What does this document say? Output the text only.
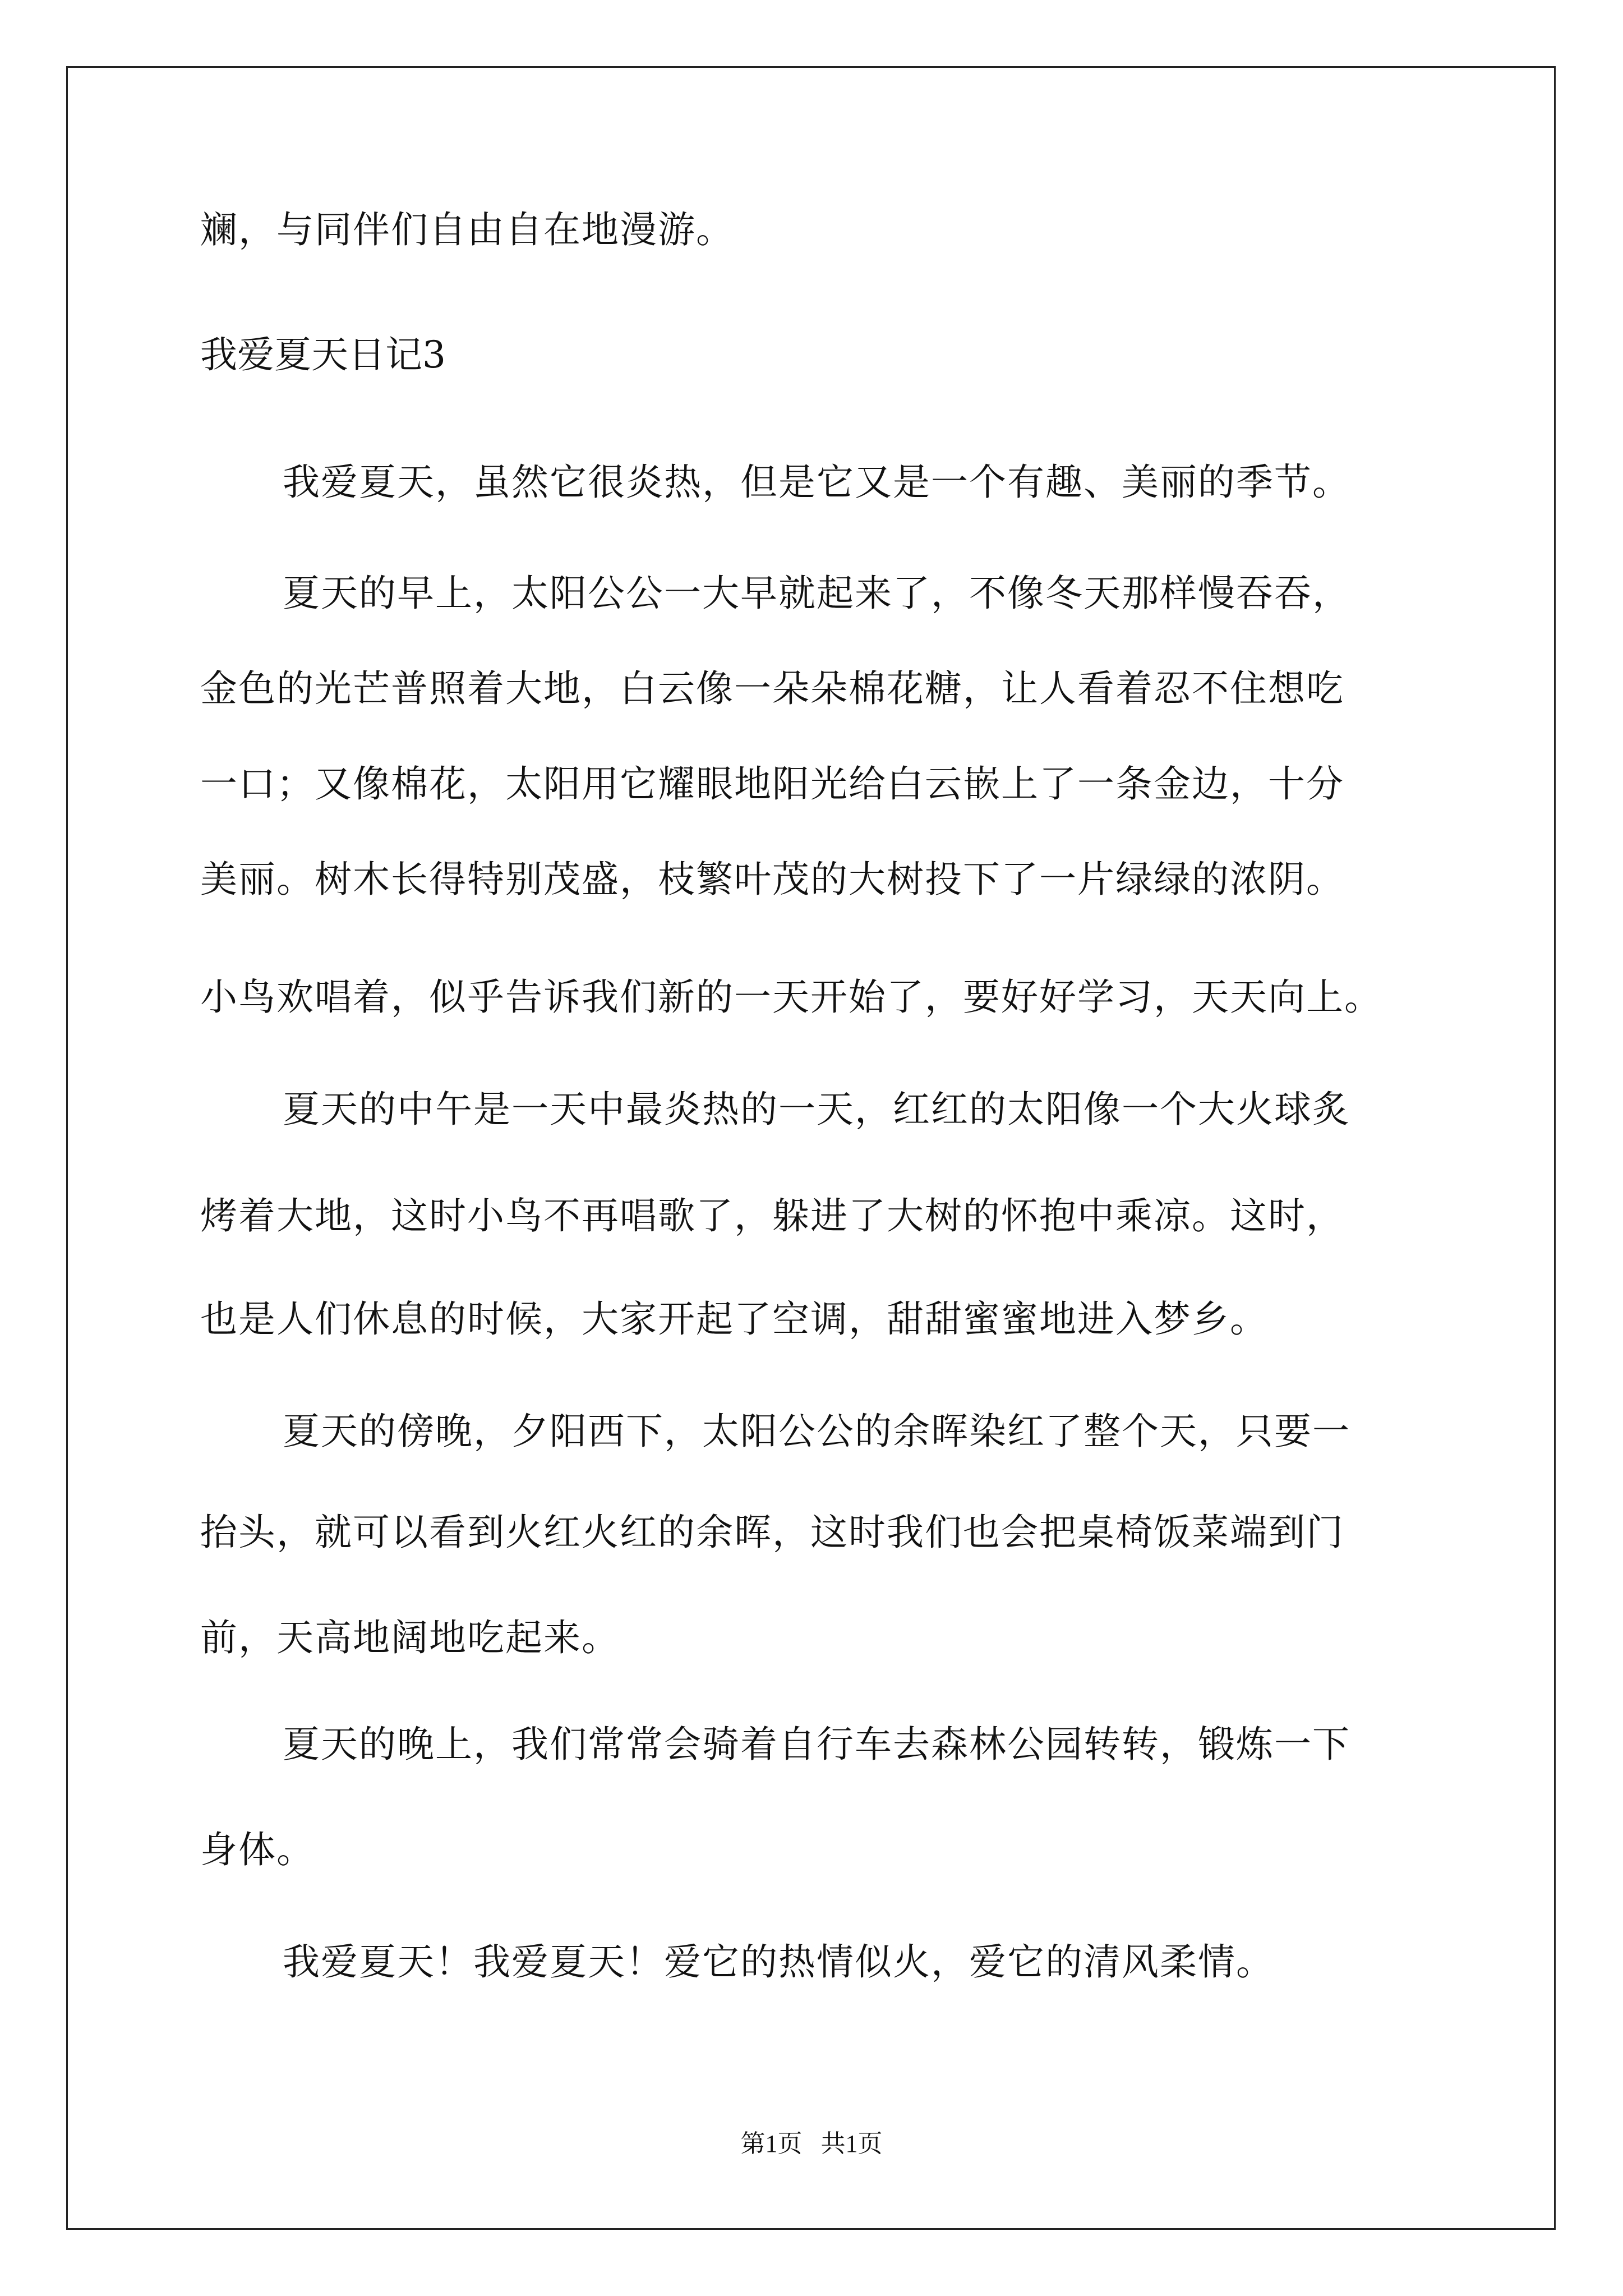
斓，与同伴们自由自在地漫游。
我爱夏天日记3
我爱夏天，虽然它很炎热，但是它又是一个有趣、美丽的季节。
夏天的早上，太阳公公一大早就起来了，不像冬天那样慢吞吞，
金色的光芒普照着大地，白云像一朵朵棉花糖，让人看着忍不住想吃
一口；又像棉花，太阳用它耀眼地阳光给白云嵌上了一条金边，十分
美丽。树木长得特别茂盛，枝繁叶茂的大树投下了一片绿绿的浓阴。
小鸟欢唱着，似乎告诉我们新的一天开始了，要好好学习，天天向上。
夏天的中午是一天中最炎热的一天，红红的太阳像一个大火球炙
烤着大地，这时小鸟不再唱歌了，躲进了大树的怀抱中乘凉。这时，
也是人们休息的时候，大家开起了空调，甜甜蜜蜜地进入梦乡。
夏天的傍晚，夕阳西下，太阳公公的余晖染红了整个天，只要一
抬头，就可以看到火红火红的余晖，这时我们也会把桌椅饭菜端到门
前，天高地阔地吃起来。
夏天的晚上，我们常常会骑着自行车去森林公园转转，锻炼一下
身体。
我爱夏天！我爱夏天！爱它的热情似火，爱它的清风柔情。
第1页   共1页
